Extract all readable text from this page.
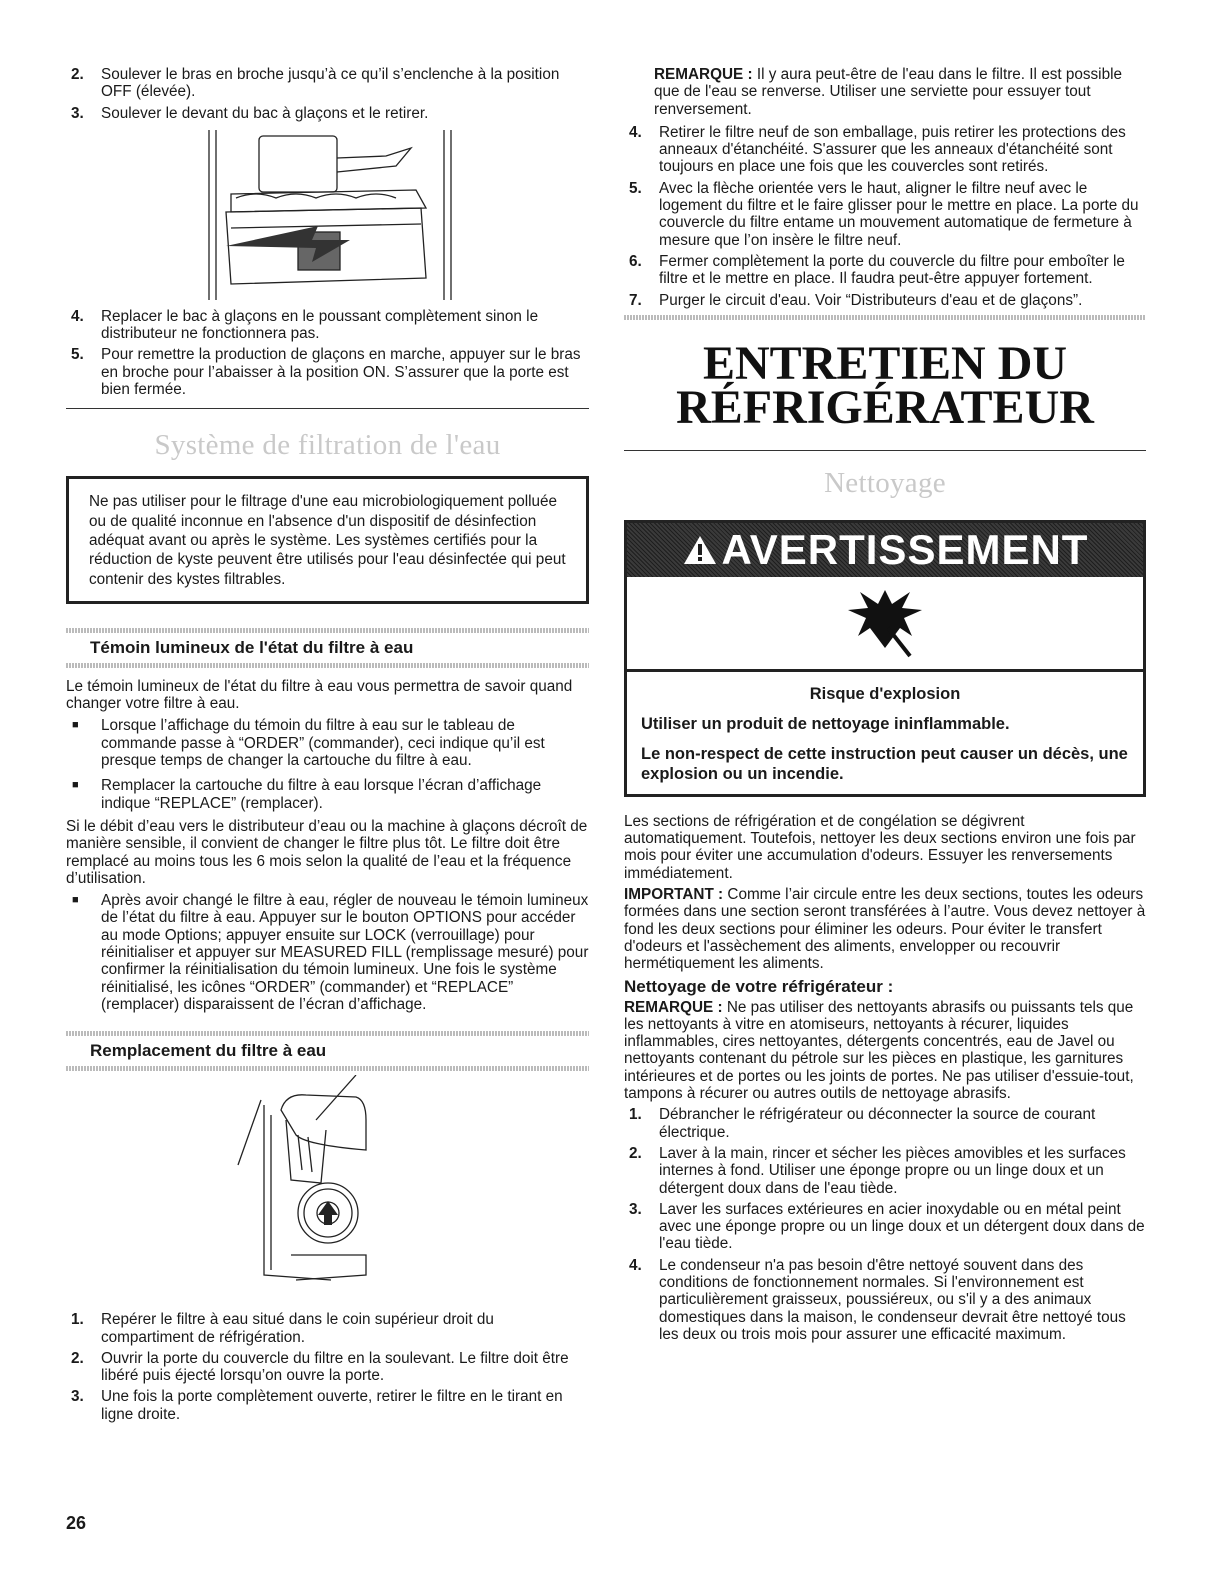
2. Soulever le bras en broche jusqu’à ce qu’il s’enclenche à la position OFF (élevée).
3. Soulever le devant du bac à glaçons et le retirer.
4. Replacer le bac à glaçons en le poussant complètement sinon le distributeur ne fonctionnera pas.
5. Pour remettre la production de glaçons en marche, appuyer sur le bras en broche pour l’abaisser à la position ON. S’assurer que la porte est bien fermée.
Système de filtration de l'eau

Ne pas utiliser pour le filtrage d'une eau microbiologiquement polluée ou de qualité inconnue en l'absence d'un dispositif de désinfection adéquat avant ou après le système. Les systèmes certifiés pour la réduction de kyste peuvent être utilisés pour l'eau désinfectée qui peut contenir des kystes filtrables.

Témoin lumineux de l'état du filtre à eau

Le témoin lumineux de l'état du filtre à eau vous permettra de savoir quand changer votre filtre à eau.

■ Lorsque l’affichage du témoin du filtre à eau sur le tableau de commande passe à “ORDER” (commander), ceci indique qu’il est presque temps de changer la cartouche du filtre à eau.
■ Remplacer la cartouche du filtre à eau lorsque l’écran d’affichage indique “REPLACE” (remplacer).

Si le débit d’eau vers le distributeur d’eau ou la machine à glaçons décroît de manière sensible, il convient de changer le filtre plus tôt. Le filtre doit être remplacé au moins tous les 6 mois selon la qualité de l’eau et la fréquence d’utilisation.

■ Après avoir changé le filtre à eau, régler de nouveau le témoin lumineux de l’état du filtre à eau. Appuyer sur le bouton OPTIONS pour accéder au mode Options; appuyer ensuite sur LOCK (verrouillage) pour réinitialiser et appuyer sur MEASURED FILL (remplissage mesuré) pour confirmer la réinitialisation du témoin lumineux. Une fois le système réinitialisé, les icônes “ORDER” (commander) et “REPLACE” (remplacer) disparaissent de l’écran d’affichage.
Remplacement du filtre à eau
1. Repérer le filtre à eau situé dans le coin supérieur droit du compartiment de réfrigération.
2. Ouvrir la porte du couvercle du filtre en la soulevant. Le filtre doit être libéré puis éjecté lorsqu’on ouvre la porte.
3. Une fois la porte complètement ouverte, retirer le filtre en le tirant en ligne droite.

REMARQUE : Il y aura peut-être de l'eau dans le filtre. Il est possible que de l'eau se renverse. Utiliser une serviette pour essuyer tout renversement.

4. Retirer le filtre neuf de son emballage, puis retirer les protections des anneaux d'étanchéité. S'assurer que les anneaux d'étanchéité sont toujours en place une fois que les couvercles sont retirés.
5. Avec la flèche orientée vers le haut, aligner le filtre neuf avec le logement du filtre et le faire glisser pour le mettre en place. La porte du couvercle du filtre entame un mouvement automatique de fermeture à mesure que l’on insère le filtre neuf.
6. Fermer complètement la porte du couvercle du filtre pour emboîter le filtre et le mettre en place. Il faudra peut-être appuyer fortement.
7. Purger le circuit d'eau. Voir “Distributeurs d'eau et de glaçons”.
ENTRETIEN DU
RÉFRIGÉRATEUR
Nettoyage
AVERTISSEMENT

Risque d'explosion

Utiliser un produit de nettoyage ininflammable.

Le non-respect de cette instruction peut causer un décès, une explosion ou un incendie.

Les sections de réfrigération et de congélation se dégivrent automatiquement. Toutefois, nettoyer les deux sections environ une fois par mois pour éviter une accumulation d'odeurs. Essuyer les renversements immédiatement.

IMPORTANT : Comme l’air circule entre les deux sections, toutes les odeurs formées dans une section seront transférées à l’autre. Vous devez nettoyer à fond les deux sections pour éliminer les odeurs. Pour éviter le transfert d'odeurs et l'assèchement des aliments, envelopper ou recouvrir hermétiquement les aliments.

Nettoyage de votre réfrigérateur :

REMARQUE : Ne pas utiliser des nettoyants abrasifs ou puissants tels que les nettoyants à vitre en atomiseurs, nettoyants à récurer, liquides inflammables, cires nettoyantes, détergents concentrés, eau de Javel ou nettoyants contenant du pétrole sur les pièces en plastique, les garnitures intérieures et de portes ou les joints de portes. Ne pas utiliser d'essuie-tout, tampons à récurer ou autres outils de nettoyage abrasifs.

1. Débrancher le réfrigérateur ou déconnecter la source de courant électrique.
2. Laver à la main, rincer et sécher les pièces amovibles et les surfaces internes à fond. Utiliser une éponge propre ou un linge doux et un détergent doux dans de l'eau tiède.
3. Laver les surfaces extérieures en acier inoxydable ou en métal peint avec une éponge propre ou un linge doux et un détergent doux dans de l'eau tiède.
4. Le condenseur n'a pas besoin d'être nettoyé souvent dans des conditions de fonctionnement normales. Si l'environnement est particulièrement graisseux, poussiéreux, ou s'il y a des animaux domestiques dans la maison, le condenseur devrait être nettoyé tous les deux ou trois mois pour assurer une efficacité maximum.
26
